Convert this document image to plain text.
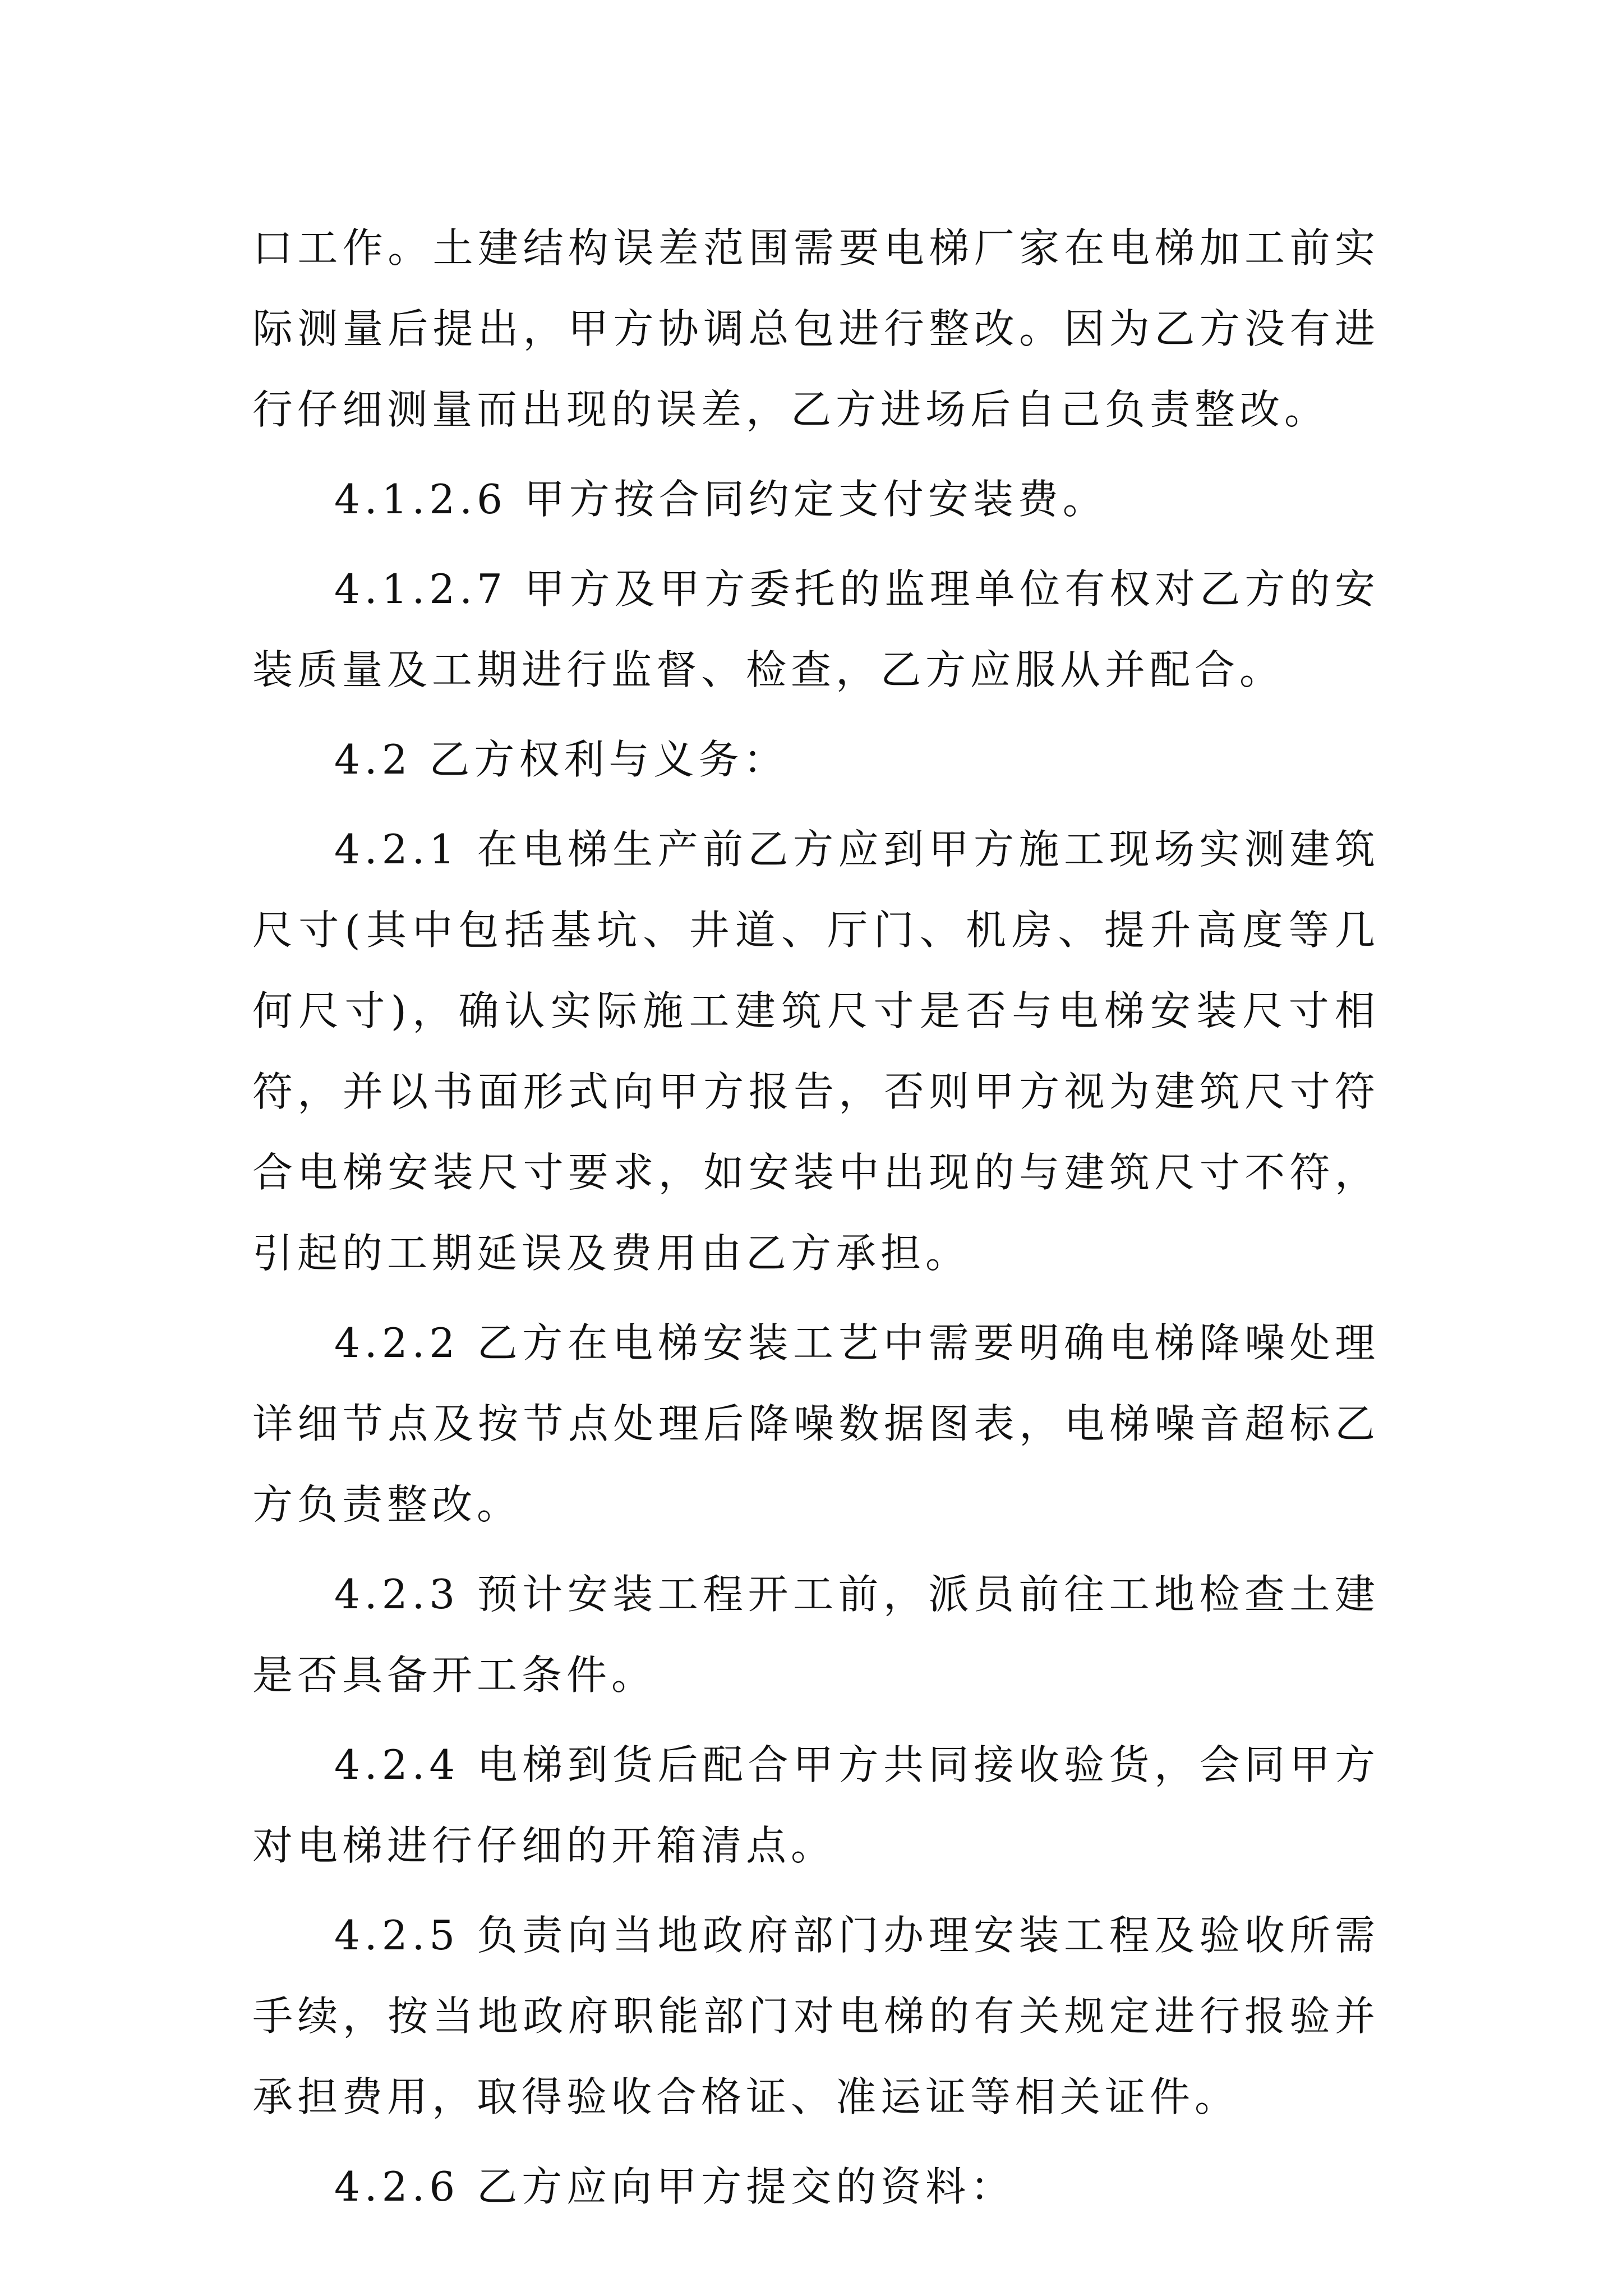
口工作。土建结构误差范围需要电梯厂家在电梯加工前实际测量后提出，甲方协调总包进行整改。因为乙方没有进行仔细测量而出现的误差，乙方进场后自己负责整改。

4.1.2.6 甲方按合同约定支付安装费。

4.1.2.7 甲方及甲方委托的监理单位有权对乙方的安装质量及工期进行监督、检查，乙方应服从并配合。

4.2 乙方权利与义务：

4.2.1 在电梯生产前乙方应到甲方施工现场实测建筑尺寸(其中包括基坑、井道、厅门、机房、提升高度等几何尺寸)，确认实际施工建筑尺寸是否与电梯安装尺寸相符，并以书面形式向甲方报告，否则甲方视为建筑尺寸符合电梯安装尺寸要求，如安装中出现的与建筑尺寸不符，引起的工期延误及费用由乙方承担。

4.2.2 乙方在电梯安装工艺中需要明确电梯降噪处理详细节点及按节点处理后降噪数据图表，电梯噪音超标乙方负责整改。

4.2.3 预计安装工程开工前，派员前往工地检查土建是否具备开工条件。

4.2.4 电梯到货后配合甲方共同接收验货，会同甲方对电梯进行仔细的开箱清点。

4.2.5 负责向当地政府部门办理安装工程及验收所需手续，按当地政府职能部门对电梯的有关规定进行报验并承担费用，取得验收合格证、准运证等相关证件。

4.2.6 乙方应向甲方提交的资料：
